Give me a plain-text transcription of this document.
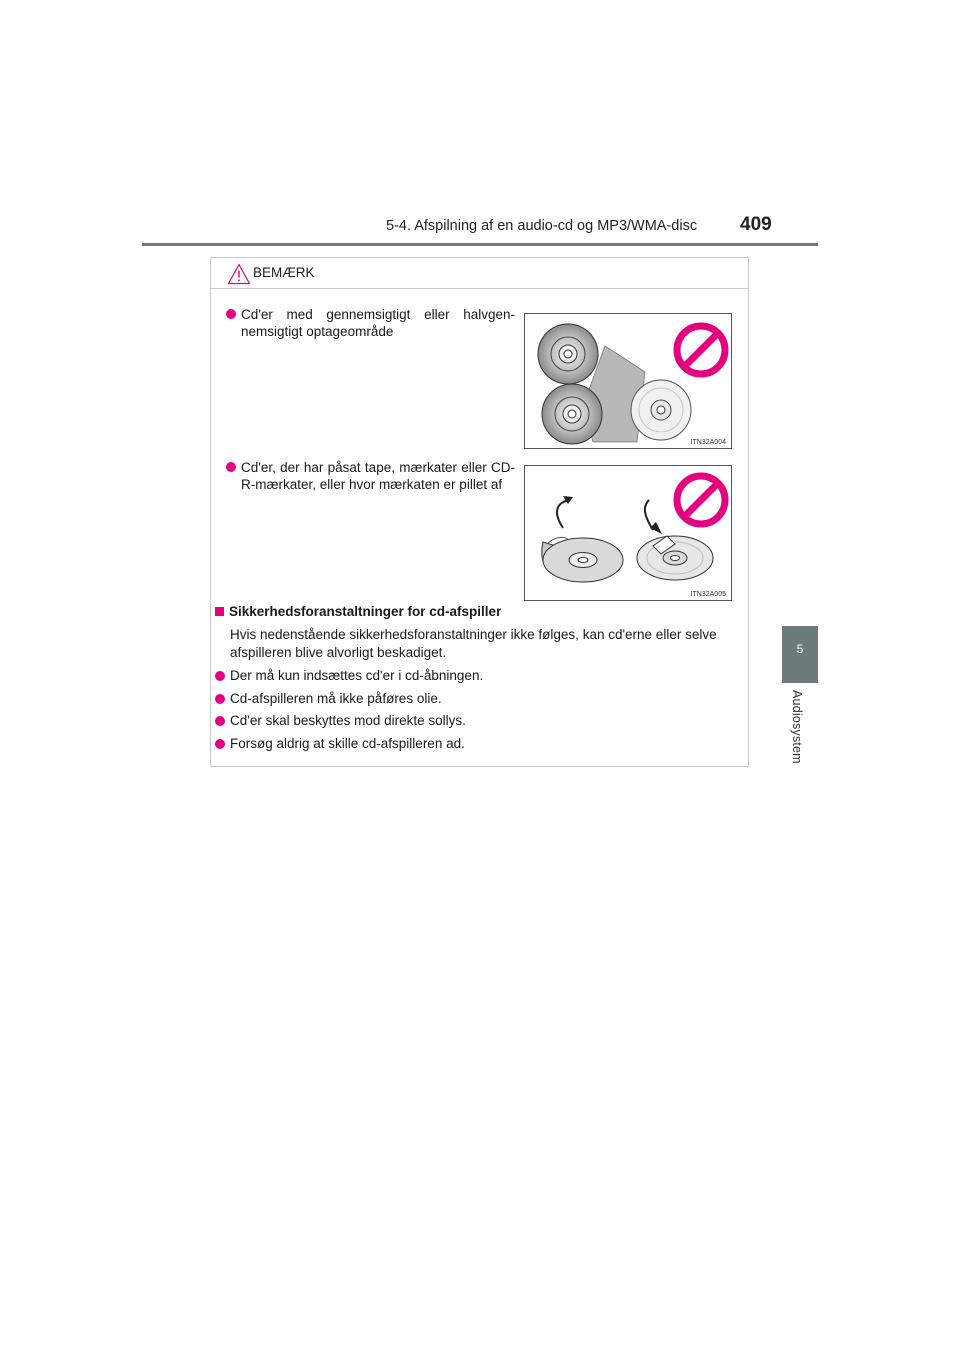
5-4. Afspilning af en audio-cd og MP3/WMA-disc 409
5
Audiosystem
BEMÆRK
Cd'er med gennemsigtigt eller halvgen-nemsigtigt optageområde
ITN32A004
Cd'er, der har påsat tape, mærkater eller CD-R-mærkater, eller hvor mærkaten er pillet af
ITN32A005
Sikkerhedsforanstaltninger for cd-afspiller
Hvis nedenstående sikkerhedsforanstaltninger ikke følges, kan cd'erne eller selve afspilleren blive alvorligt beskadiget.
Der må kun indsættes cd'er i cd-åbningen.
Cd-afspilleren må ikke påføres olie.
Cd'er skal beskyttes mod direkte sollys.
Forsøg aldrig at skille cd-afspilleren ad.
